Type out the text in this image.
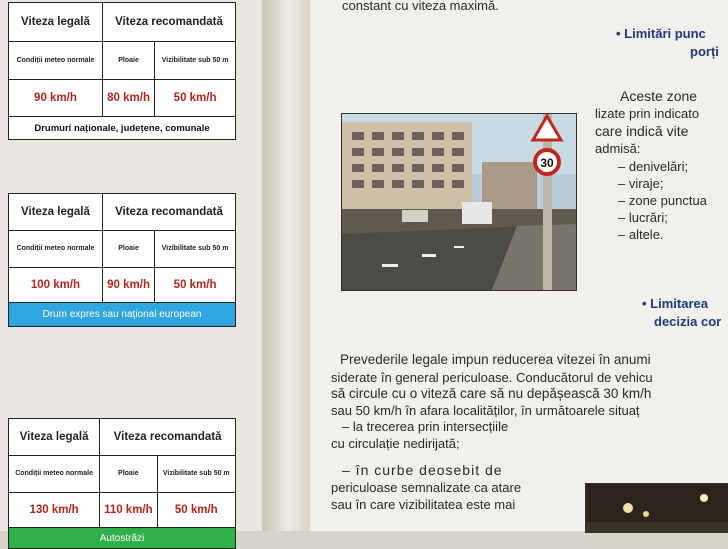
Viteza legală	Viteza recomandată	
Condiții meteo normale	Ploaie	Vizibilitate sub 50 m
90 km/h	80 km/h	50 km/h
Drumuri naționale, județene, comunale		
Viteza legală	Viteza recomandată	
Condiții meteo normale	Ploaie	Vizibilitate sub 50 m
100 km/h	90 km/h	50 km/h
Drum expres sau național european		
Viteza legală	Viteza recomandată	
Condiții meteo normale	Ploaie	Vizibilitate sub 50 m
130 km/h	110 km/h	50 km/h
Autostrăzi		
constant cu viteza maximă.
• Limitări punc
porți
30
Aceste zone
lizate prin indicato
care indică vite
admisă:
– denivelări;
– viraje;
– zone punctua
– lucrări;
– altele.
• Limitarea
decizia cor
Prevederile legale impun reducerea vitezei în anumi
siderate în general periculoase. Conducătorul de vehicu
să circule cu o viteză care să nu depășească 30 km/h
sau 50 km/h în afara localităților, în următoarele situaț
– la trecerea prin intersecțiile
cu circulație nedirijată;
– în curbe deosebit de
periculoase semnalizate ca atare
sau în care vizibilitatea este mai
